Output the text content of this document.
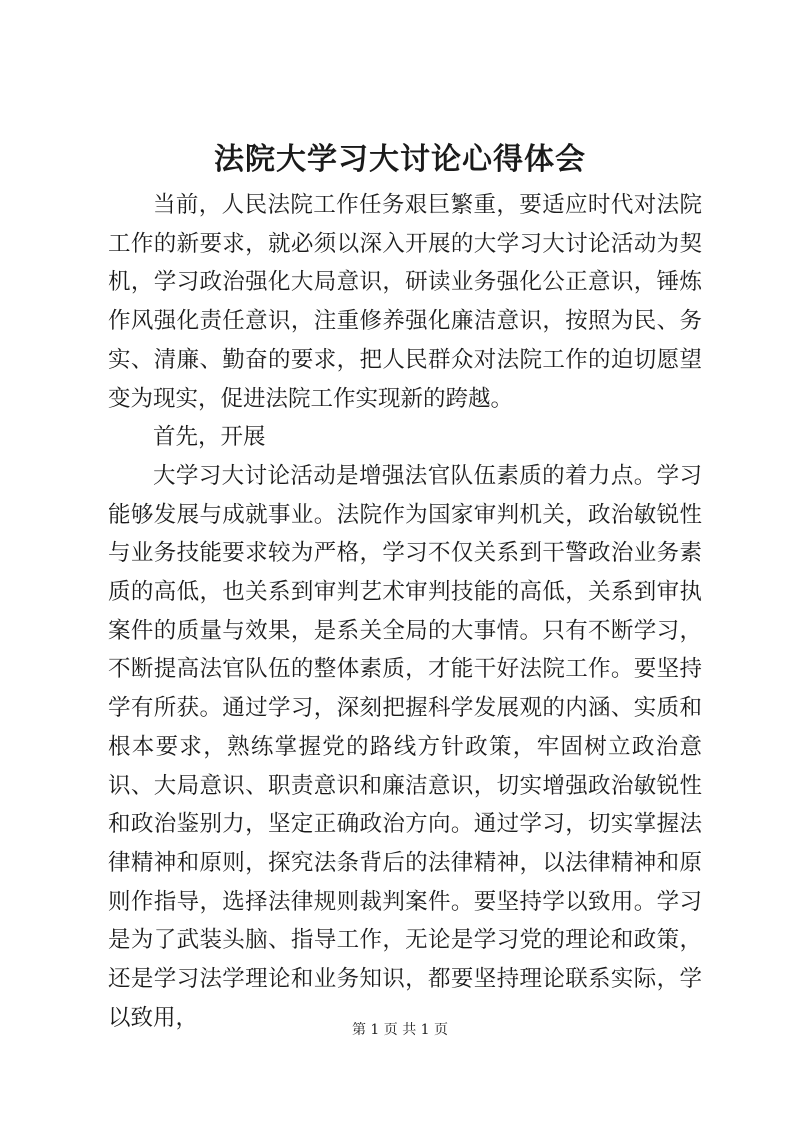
法院大学习大讨论心得体会

当前，人民法院工作任务艰巨繁重，要适应时代对法院工作的新要求，就必须以深入开展的大学习大讨论活动为契机，学习政治强化大局意识，研读业务强化公正意识，锤炼作风强化责任意识，注重修养强化廉洁意识，按照为民、务实、清廉、勤奋的要求，把人民群众对法院工作的迫切愿望变为现实，促进法院工作实现新的跨越。

首先，开展

大学习大讨论活动是增强法官队伍素质的着力点。学习能够发展与成就事业。法院作为国家审判机关，政治敏锐性与业务技能要求较为严格，学习不仅关系到干警政治业务素质的高低，也关系到审判艺术审判技能的高低，关系到审执案件的质量与效果，是系关全局的大事情。只有不断学习，不断提高法官队伍的整体素质，才能干好法院工作。要坚持学有所获。通过学习，深刻把握科学发展观的内涵、实质和根本要求，熟练掌握党的路线方针政策，牢固树立政治意识、大局意识、职责意识和廉洁意识，切实增强政治敏锐性和政治鉴别力，坚定正确政治方向。通过学习，切实掌握法律精神和原则，探究法条背后的法律精神，以法律精神和原则作指导，选择法律规则裁判案件。要坚持学以致用。学习是为了武装头脑、指导工作，无论是学习党的理论和政策，还是学习法学理论和业务知识，都要坚持理论联系实际，学以致用，	第 1 页 共 1 页
